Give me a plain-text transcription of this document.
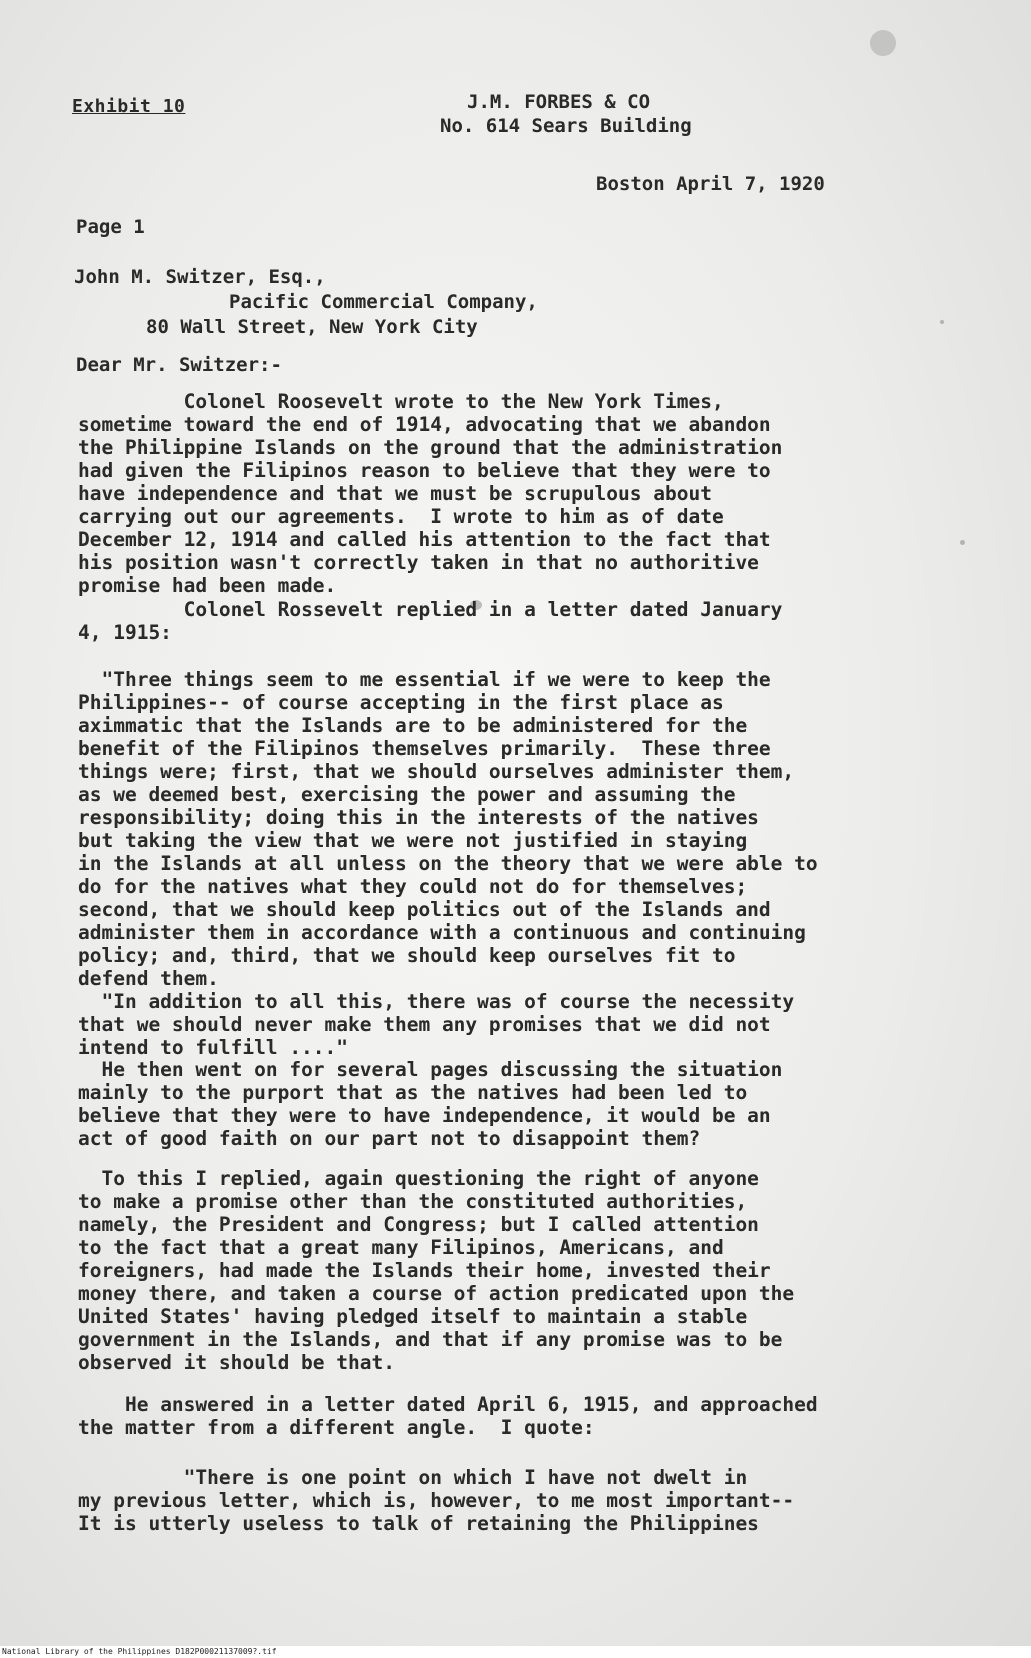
Exhibit 10	J.M. FORBES & CO
No. 614 Sears Building
Boston April 7, 1920
Page 1
John M. Switzer, Esq.,
Pacific Commercial Company,
80 Wall Street, New York City
Dear Mr. Switzer:-
Colonel Roosevelt wrote to the New York Times,
sometime toward the end of 1914, advocating that we abandon
the Philippine Islands on the ground that the administration
had given the Filipinos reason to believe that they were to
have independence and that we must be scrupulous about
carrying out our agreements.  I wrote to him as of date
December 12, 1914 and called his attention to the fact that
his position wasn't correctly taken in that no authoritive
promise had been made.
Colonel Rossevelt replied in a letter dated January
4, 1915:
"Three things seem to me essential if we were to keep the
Philippines-- of course accepting in the first place as
aximmatic that the Islands are to be administered for the
benefit of the Filipinos themselves primarily.  These three
things were; first, that we should ourselves administer them,
as we deemed best, exercising the power and assuming the
responsibility; doing this in the interests of the natives
but taking the view that we were not justified in staying
in the Islands at all unless on the theory that we were able to
do for the natives what they could not do for themselves;
second, that we should keep politics out of the Islands and
administer them in accordance with a continuous and continuing
policy; and, third, that we should keep ourselves fit to
defend them.
"In addition to all this, there was of course the necessity
that we should never make them any promises that we did not
intend to fulfill ...."
He then went on for several pages discussing the situation
mainly to the purport that as the natives had been led to
believe that they were to have independence, it would be an
act of good faith on our part not to disappoint them?
To this I replied, again questioning the right of anyone
to make a promise other than the constituted authorities,
namely, the President and Congress; but I called attention
to the fact that a great many Filipinos, Americans, and
foreigners, had made the Islands their home, invested their
money there, and taken a course of action predicated upon the
United States' having pledged itself to maintain a stable
government in the Islands, and that if any promise was to be
observed it should be that.
He answered in a letter dated April 6, 1915, and approached
the matter from a different angle.  I quote:
"There is one point on which I have not dwelt in
my previous letter, which is, however, to me most important--
It is utterly useless to talk of retaining the Philippines
National Library of the Philippines D182P00021137009?.tif
